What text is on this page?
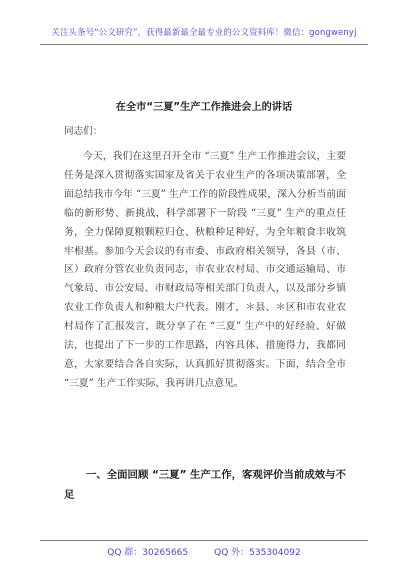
关注头条号“公文研究”，获得最新最全最专业的公文资料库！微信：gongwenyj
在全市“三夏”生产工作推进会上的讲话
同志们：
今天，我们在这里召开全市 “三夏” 生产工作推进会议，主要任务是深入贯彻落实国家及省关于农业生产的各项决策部署，全面总结我市今年 “三夏” 生产工作的阶段性成果，深入分析当前面临的新形势、新挑战，科学部署下一阶段 “三夏” 生产的重点任务，全力保障夏粮颗粒归仓、秋粮种足种好，为全年粮食丰收筑牢根基。参加今天会议的有市委、市政府相关领导，各县（市、区）政府分管农业负责同志，市农业农村局、市交通运输局、市气象局、市公安局、市财政局等相关部门负责人，以及部分乡镇农业工作负责人和种粮大户代表。刚才，＊县、＊区和市农业农村局作了汇报发言，既分享了在 “三夏” 生产中的好经验、好做法，也提出了下一步的工作思路，内容具体、措施得力，我都同意，大家要结合各自实际，认真抓好贯彻落实。下面，结合全市 “三夏” 生产工作实际，我再讲几点意见。
一、全面回顾 “三夏” 生产工作，客观评价当前成效与不足
QQ 群：30265665	QQ 外：535304092
